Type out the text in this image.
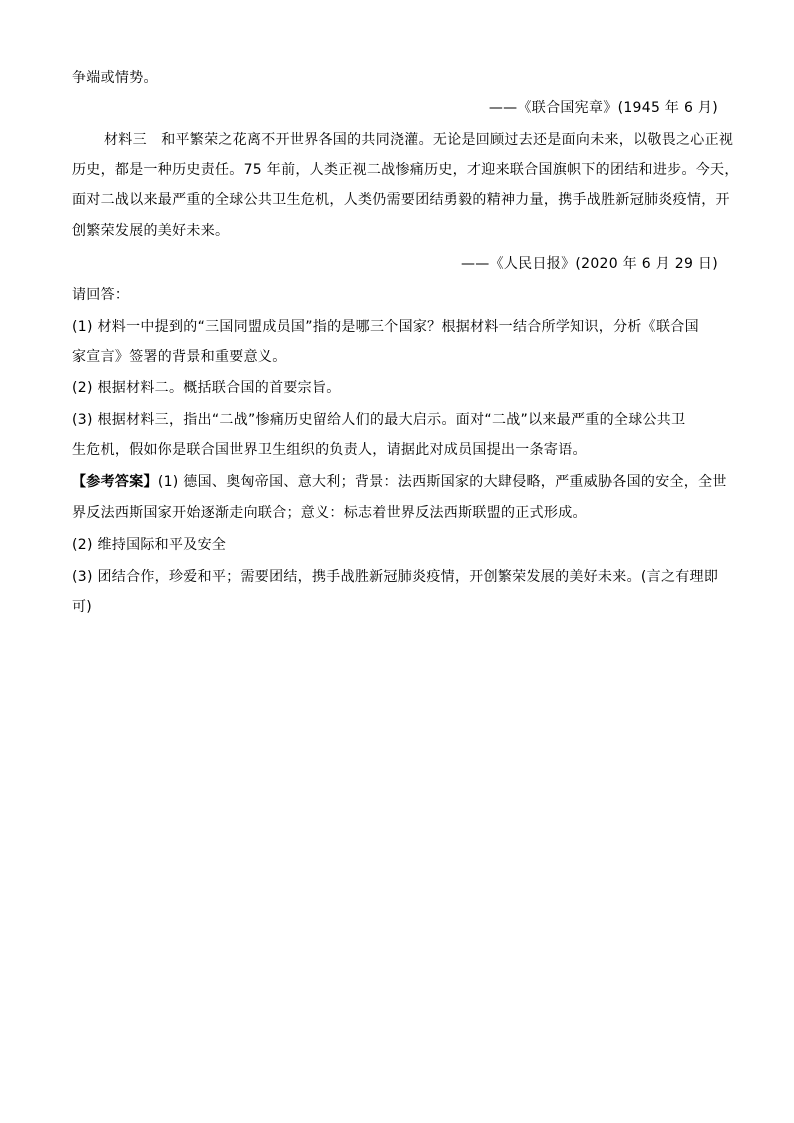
争端或情势。
——《联合国宪章》(1945 年 6 月)
材料三　和平繁荣之花离不开世界各国的共同浇灌。无论是回顾过去还是面向未来，以敬畏之心正视
历史，都是一种历史责任。75 年前，人类正视二战惨痛历史，才迎来联合国旗帜下的团结和进步。今天，
面对二战以来最严重的全球公共卫生危机，人类仍需要团结勇毅的精神力量，携手战胜新冠肺炎疫情，开
创繁荣发展的美好未来。
——《人民日报》(2020 年 6 月 29 日)
请回答：
(1) 材料一中提到的“三国同盟成员国”指的是哪三个国家？根据材料一结合所学知识，分析《联合国
家宣言》签署的背景和重要意义。
(2) 根据材料二。概括联合国的首要宗旨。
(3) 根据材料三，指出“二战”惨痛历史留给人们的最大启示。面对“二战”以来最严重的全球公共卫
生危机，假如你是联合国世界卫生组织的负责人，请据此对成员国提出一条寄语。
【参考答案】(1) 德国、奥匈帝国、意大利；背景：法西斯国家的大肆侵略，严重威胁各国的安全，全世
界反法西斯国家开始逐渐走向联合；意义：标志着世界反法西斯联盟的正式形成。
(2) 维持国际和平及安全
(3) 团结合作，珍爱和平；需要团结，携手战胜新冠肺炎疫情，开创繁荣发展的美好未来。(言之有理即
可)
